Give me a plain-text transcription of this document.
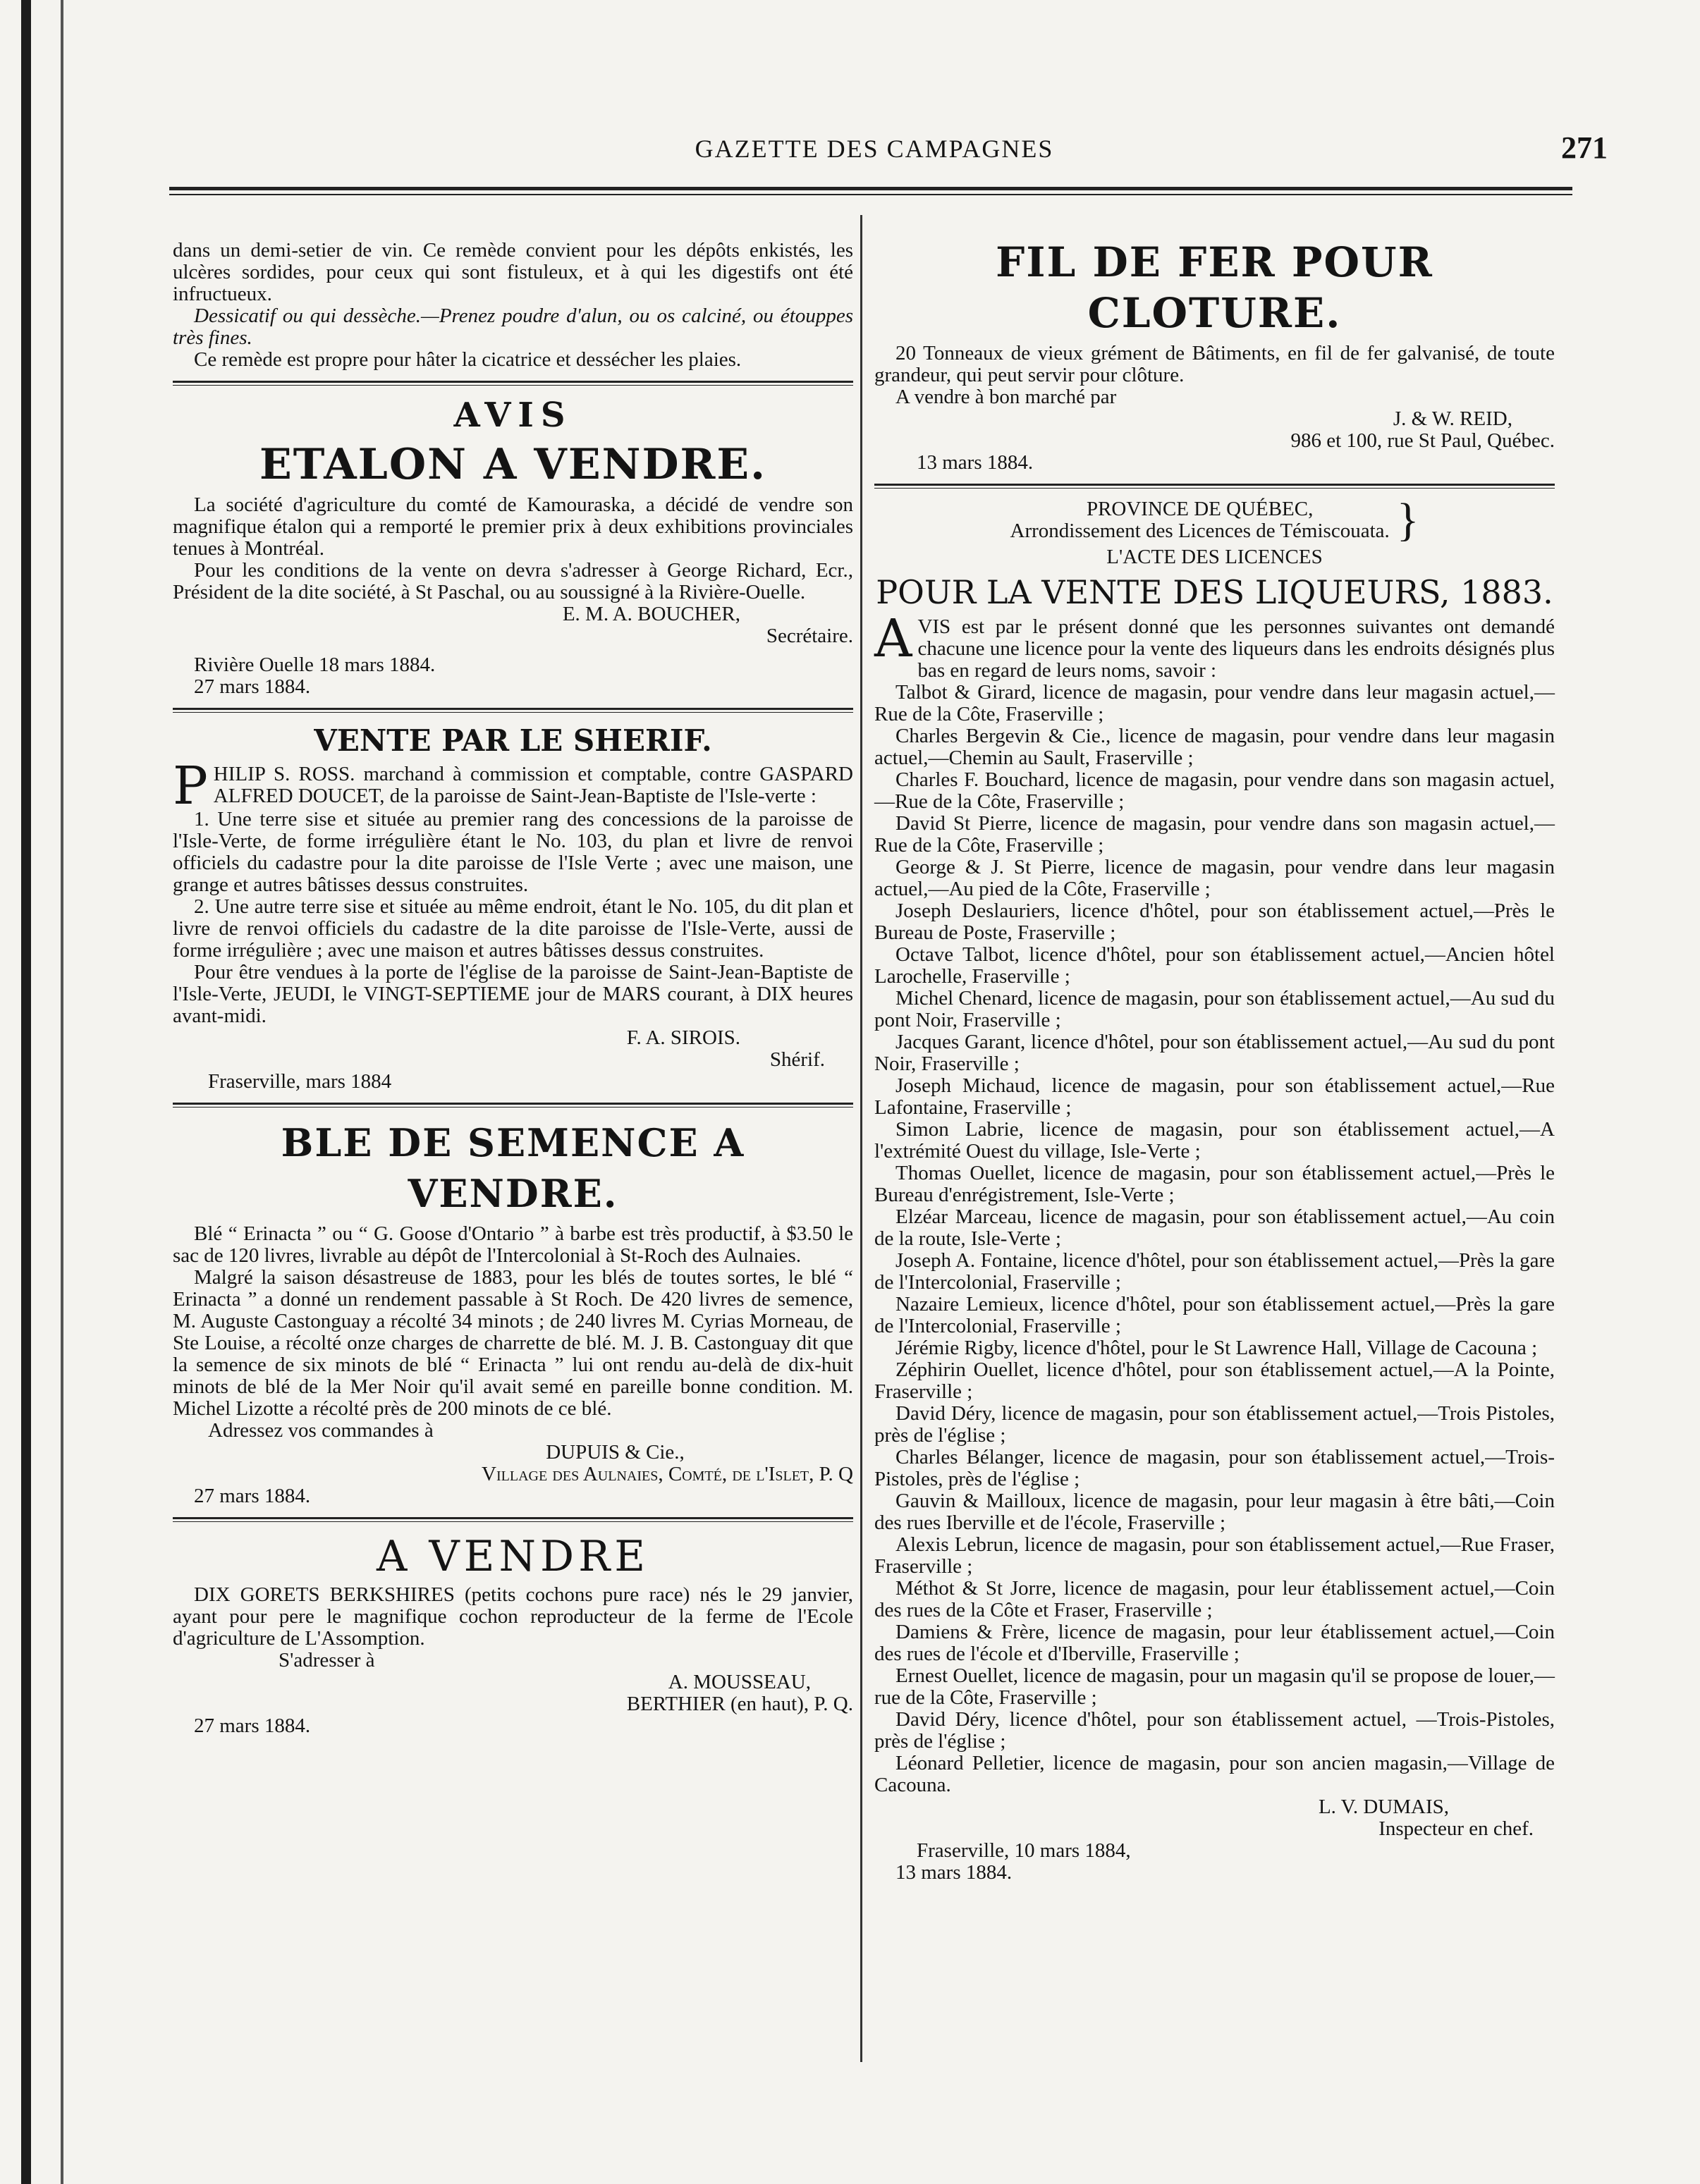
GAZETTE DES CAMPAGNES	271

dans un demi-setier de vin. Ce remède convient pour les dépôts enkistés, les ulcères sordides, pour ceux qui sont fistuleux, et à qui les digestifs ont été infructueux.

Dessicatif ou qui dessèche.—Prenez poudre d'alun, ou os calciné, ou étouppes très fines.

Ce remède est propre pour hâter la cicatrice et dessécher les plaies.

AVIS
ETALON A VENDRE.

La société d'agriculture du comté de Kamouraska, a décidé de vendre son magnifique étalon qui a remporté le premier prix à deux exhibitions provinciales tenues à Montréal.

Pour les conditions de la vente on devra s'adresser à George Richard, Ecr., Président de la dite société, à St Paschal, ou au soussigné à la Rivière-Ouelle.

E. M. A. BOUCHER,

Secrétaire.

Rivière Ouelle 18 mars 1884.

27 mars 1884.

VENTE PAR LE SHERIF.

PHILIP S. ROSS. marchand à commission et comptable, contre GASPARD ALFRED DOUCET, de la paroisse de Saint-Jean-Baptiste de l'Isle-verte :

1. Une terre sise et située au premier rang des concessions de la paroisse de l'Isle-Verte, de forme irrégulière étant le No. 103, du plan et livre de renvoi officiels du cadastre pour la dite paroisse de l'Isle Verte ; avec une maison, une grange et autres bâtisses dessus construites.

2. Une autre terre sise et située au même endroit, étant le No. 105, du dit plan et livre de renvoi officiels du cadastre de la dite paroisse de l'Isle-Verte, aussi de forme irrégulière ; avec une maison et autres bâtisses dessus construites.

Pour être vendues à la porte de l'église de la paroisse de Saint-Jean-Baptiste de l'Isle-Verte, JEUDI, le VINGT-SEPTIEME jour de MARS courant, à DIX heures avant-midi.

F. A. SIROIS.

Shérif.

Fraserville, mars 1884

BLE DE SEMENCE A VENDRE.

Blé “ Erinacta ” ou “ G. Goose d'Ontario ” à barbe est très productif, à $3.50 le sac de 120 livres, livrable au dépôt de l'Intercolonial à St-Roch des Aulnaies.

Malgré la saison désastreuse de 1883, pour les blés de toutes sortes, le blé “ Erinacta ” a donné un rendement passable à St Roch. De 420 livres de semence, M. Auguste Castonguay a récolté 34 minots ; de 240 livres M. Cyrias Morneau, de Ste Louise, a récolté onze charges de charrette de blé. M. J. B. Castonguay dit que la semence de six minots de blé “ Erinacta ” lui ont rendu au-delà de dix-huit minots de blé de la Mer Noir qu'il avait semé en pareille bonne condition. M. Michel Lizotte a récolté près de 200 minots de ce blé.

Adressez vos commandes à

DUPUIS & Cie.,

Village des Aulnaies, Comté, de l'Islet, P. Q

27 mars 1884.

A VENDRE

DIX GORETS BERKSHIRES (petits cochons pure race) nés le 29 janvier, ayant pour pere le magnifique cochon reproducteur de la ferme de l'Ecole d'agriculture de L'Assomption.

S'adresser à

A. MOUSSEAU,

BERTHIER (en haut), P. Q.

27 mars 1884.

FIL DE FER POUR CLOTURE.

20 Tonneaux de vieux grément de Bâtiments, en fil de fer galvanisé, de toute grandeur, qui peut servir pour clôture.

A vendre à bon marché par

J. & W. REID,

986 et 100, rue St Paul, Québec.

13 mars 1884.

PROVINCE DE QUÉBEC,
Arrondissement des Licences de Témiscouata. }
L'ACTE DES LICENCES
POUR LA VENTE DES LIQUEURS, 1883.

AVIS est par le présent donné que les personnes suivantes ont demandé chacune une licence pour la vente des liqueurs dans les endroits désignés plus bas en regard de leurs noms, savoir :

Talbot & Girard, licence de magasin, pour vendre dans leur magasin actuel,—Rue de la Côte, Fraserville ;

Charles Bergevin & Cie., licence de magasin, pour vendre dans leur magasin actuel,—Chemin au Sault, Fraserville ;

Charles F. Bouchard, licence de magasin, pour vendre dans son magasin actuel,—Rue de la Côte, Fraserville ;

David St Pierre, licence de magasin, pour vendre dans son magasin actuel,—Rue de la Côte, Fraserville ;

George & J. St Pierre, licence de magasin, pour vendre dans leur magasin actuel,—Au pied de la Côte, Fraserville ;

Joseph Deslauriers, licence d'hôtel, pour son établissement actuel,—Près le Bureau de Poste, Fraserville ;

Octave Talbot, licence d'hôtel, pour son établissement actuel,—Ancien hôtel Larochelle, Fraserville ;

Michel Chenard, licence de magasin, pour son établissement actuel,—Au sud du pont Noir, Fraserville ;

Jacques Garant, licence d'hôtel, pour son établissement actuel,—Au sud du pont Noir, Fraserville ;

Joseph Michaud, licence de magasin, pour son établissement actuel,—Rue Lafontaine, Fraserville ;

Simon Labrie, licence de magasin, pour son établissement actuel,—A l'extrémité Ouest du village, Isle-Verte ;

Thomas Ouellet, licence de magasin, pour son établissement actuel,—Près le Bureau d'enrégistrement, Isle-Verte ;

Elzéar Marceau, licence de magasin, pour son établissement actuel,—Au coin de la route, Isle-Verte ;

Joseph A. Fontaine, licence d'hôtel, pour son établissement actuel,—Près la gare de l'Intercolonial, Fraserville ;

Nazaire Lemieux, licence d'hôtel, pour son établissement actuel,—Près la gare de l'Intercolonial, Fraserville ;

Jérémie Rigby, licence d'hôtel, pour le St Lawrence Hall, Village de Cacouna ;

Zéphirin Ouellet, licence d'hôtel, pour son établissement actuel,—A la Pointe, Fraserville ;

David Déry, licence de magasin, pour son établissement actuel,—Trois Pistoles, près de l'église ;

Charles Bélanger, licence de magasin, pour son établissement actuel,—Trois-Pistoles, près de l'église ;

Gauvin & Mailloux, licence de magasin, pour leur magasin à être bâti,—Coin des rues Iberville et de l'école, Fraserville ;

Alexis Lebrun, licence de magasin, pour son établissement actuel,—Rue Fraser, Fraserville ;

Méthot & St Jorre, licence de magasin, pour leur établissement actuel,—Coin des rues de la Côte et Fraser, Fraserville ;

Damiens & Frère, licence de magasin, pour leur établissement actuel,—Coin des rues de l'école et d'Iberville, Fraserville ;

Ernest Ouellet, licence de magasin, pour un magasin qu'il se propose de louer,—rue de la Côte, Fraserville ;

David Déry, licence d'hôtel, pour son établissement actuel, —Trois-Pistoles, près de l'église ;

Léonard Pelletier, licence de magasin, pour son ancien magasin,—Village de Cacouna.

L. V. DUMAIS,

Inspecteur en chef.

Fraserville, 10 mars 1884,

13 mars 1884.
